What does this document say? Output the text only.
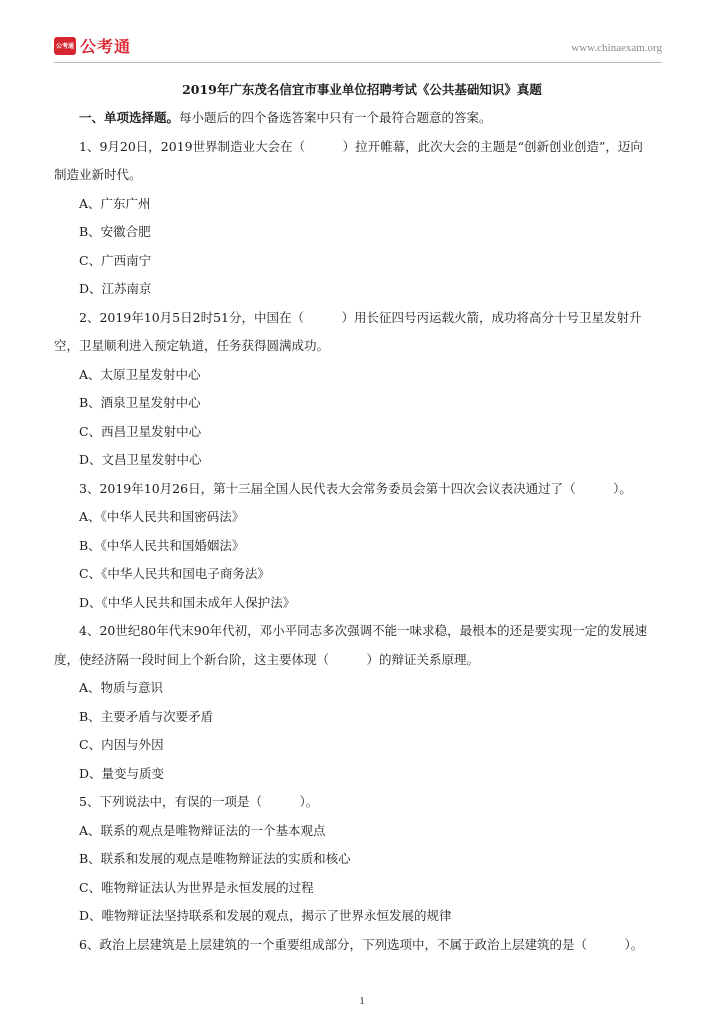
公考通 公考通	www.chinaexam.org
2019年广东茂名信宜市事业单位招聘考试《公共基础知识》真题
一、单项选择题。每小题后的四个备选答案中只有一个最符合题意的答案。
1、9月20日，2019世界制造业大会在（　　　）拉开帷幕，此次大会的主题是“创新创业创造”，迈向
制造业新时代。
A、广东广州
B、安徽合肥
C、广西南宁
D、江苏南京
2、2019年10月5日2时51分，中国在（　　　）用长征四号丙运载火箭，成功将高分十号卫星发射升
空，卫星顺利进入预定轨道，任务获得圆满成功。
A、太原卫星发射中心
B、酒泉卫星发射中心
C、西昌卫星发射中心
D、文昌卫星发射中心
3、2019年10月26日，第十三届全国人民代表大会常务委员会第十四次会议表决通过了（　　　）。
A、《中华人民共和国密码法》
B、《中华人民共和国婚姻法》
C、《中华人民共和国电子商务法》
D、《中华人民共和国未成年人保护法》
4、20世纪80年代末90年代初，邓小平同志多次强调不能一味求稳，最根本的还是要实现一定的发展速
度，使经济隔一段时间上个新台阶，这主要体现（　　　）的辩证关系原理。
A、物质与意识
B、主要矛盾与次要矛盾
C、内因与外因
D、量变与质变
5、下列说法中，有误的一项是（　　　）。
A、联系的观点是唯物辩证法的一个基本观点
B、联系和发展的观点是唯物辩证法的实质和核心
C、唯物辩证法认为世界是永恒发展的过程
D、唯物辩证法坚持联系和发展的观点，揭示了世界永恒发展的规律
6、政治上层建筑是上层建筑的一个重要组成部分，下列选项中，不属于政治上层建筑的是（　　　）。
1
